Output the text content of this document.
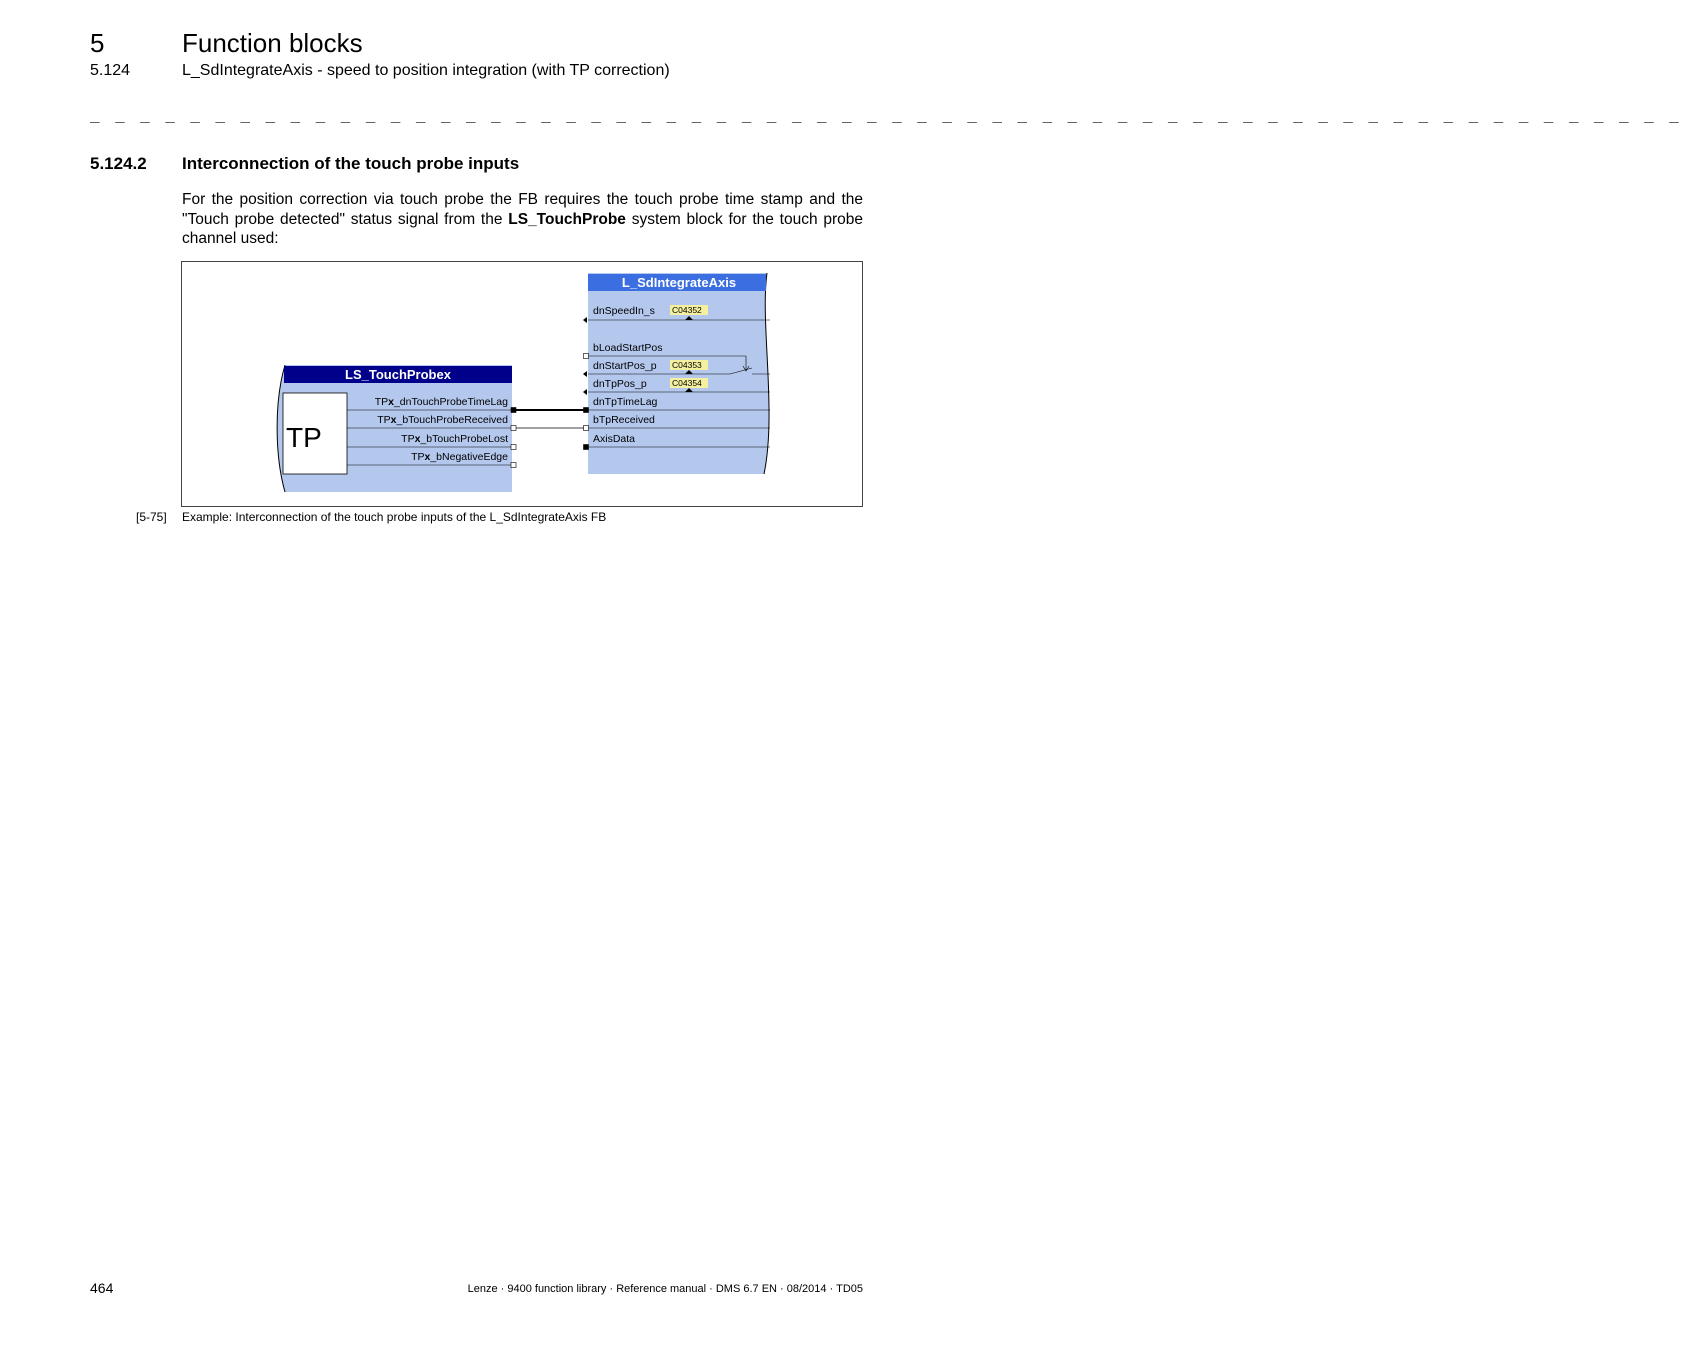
5	Function blocks
5.124	L_SdIntegrateAxis - speed to position integration (with TP correction)
_ _ _ _ _ _ _ _ _ _ _ _ _ _ _ _ _ _ _ _ _ _ _ _ _ _ _ _ _ _ _ _ _ _ _ _ _ _ _ _ _ _ _ _ _ _ _ _ _ _ _ _ _ _ _ _ _ _ _ _ _ _ _ _
5.124.2 Interconnection of the touch probe inputs
For the position correction via touch probe the FB requires the touch probe time stamp and the "Touch probe detected" status signal from the LS_TouchProbe system block for the touch probe channel used:
LS_TouchProbex
TP
TPx_dnTouchProbeTimeLag
TPx_bTouchProbeReceived
TPx_bTouchProbeLost
TPx_bNegativeEdge
L_SdIntegrateAxis
dnSpeedIn_s
bLoadStartPos
dnStartPos_p
dnTpPos_p
dnTpTimeLag
bTpReceived
AxisData
C04352
C04353
C04354
[5-75] Example: Interconnection of the touch probe inputs of the L_SdIntegrateAxis FB
464	Lenze · 9400 function library · Reference manual · DMS 6.7 EN · 08/2014 · TD05
